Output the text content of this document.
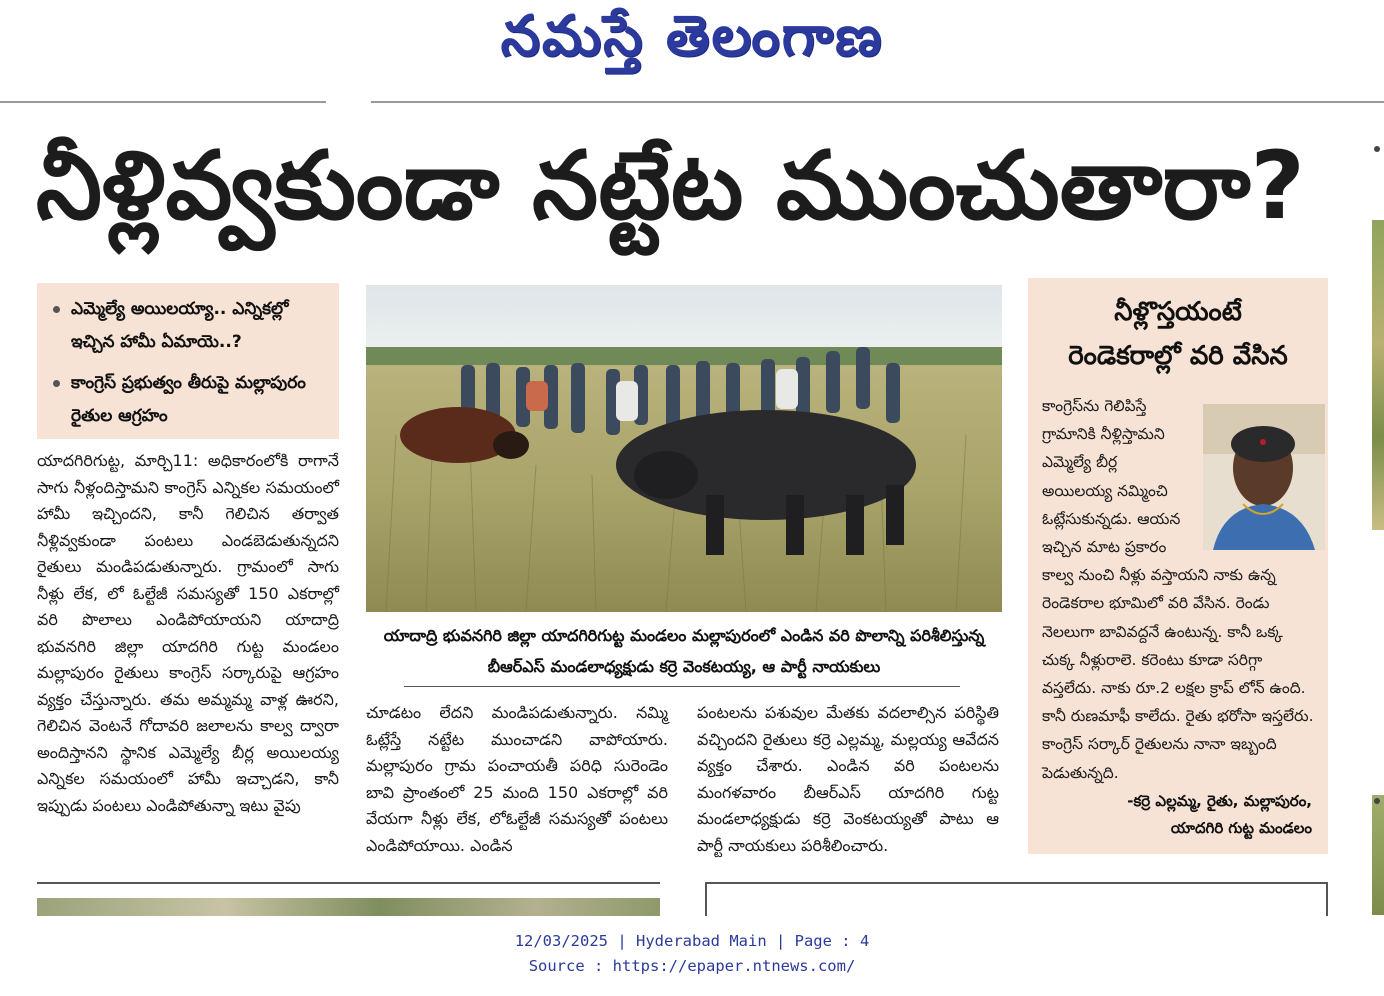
నమస్తే తెలంగాణ
నీళ్లివ్వకుండా నట్టేట ముంచుతారా?
ఎమ్మెల్యే అయిలయ్యా.. ఎన్నికల్లో ఇచ్చిన హామీ ఏమాయె..?
కాంగ్రెస్‌ ప్రభుత్వం తీరుపై మల్లాపురం రైతుల ఆగ్రహం
యాదాద్రి భువనగిరి జిల్లా యాదగిరిగుట్ట మండలం మల్లాపురంలో ఎండిన వరి పొలాన్ని పరిశీలిస్తున్న బీఆర్‌ఎస్‌ మండలాధ్యక్షుడు కర్రె వెంకటయ్య, ఆ పార్టీ నాయకులు

యాదగిరిగుట్ట, మార్చి11: అధికారంలోకి రాగానే సాగు నీళ్లందిస్తామని కాంగ్రెస్‌ ఎన్నికల సమయంలో హామీ ఇచ్చిందని, కానీ గెలిచిన తర్వాత నీళ్లివ్వకుండా పంటలు ఎండబెడుతున్నదని రైతులు మండిపడుతున్నారు. గ్రామంలో సాగు నీళ్లు లేక, లో ఓల్టేజీ సమస్యతో 150 ఎకరాల్లో వరి పొలాలు ఎండిపోయాయని యాదాద్రి భువనగిరి జిల్లా యాదగిరి గుట్ట మండలం మల్లాపురం రైతులు కాంగ్రెస్‌ సర్కారుపై ఆగ్రహం వ్యక్తం చేస్తున్నారు. తమ అమ్మమ్మ వాళ్ల ఊరని, గెలిచిన వెంటనే గోదావరి జలాలను కాల్వ ద్వారా అందిస్తానని స్థానిక ఎమ్మెల్యే బీర్ల అయిలయ్య ఎన్నికల సమయంలో హామీ ఇచ్చాడని, కానీ ఇప్పుడు పంటలు ఎండిపోతున్నా ఇటు వైపు

చూడటం లేదని మండిపడుతున్నారు. నమ్మి ఓట్లేస్తే నట్టేట ముంచాడని వాపోయారు. మల్లాపురం గ్రామ పంచాయతీ పరిధి సురెండెం బావి ప్రాంతంలో 25 మంది 150 ఎకరాల్లో వరి వేయగా నీళ్లు లేక, లోఓల్టేజీ సమస్యతో పంటలు ఎండిపోయాయి. ఎండిన

పంటలను పశువుల మేతకు వదలాల్సిన పరిస్థితి వచ్చిందని రైతులు కర్రె ఎల్లమ్మ, మల్లయ్య ఆవేదన వ్యక్తం చేశారు. ఎండిన వరి పంటలను మంగళవారం బీఆర్‌ఎస్‌ యాదగిరి గుట్ట మండలాధ్యక్షుడు కర్రె వెంకటయ్యతో పాటు ఆ పార్టీ నాయకులు పరిశీలించారు.

నీళ్లొస్తయంటే
రెండెకరాల్లో వరి వేసిన
కాంగ్రెస్‌ను గెలిపిస్తే గ్రామానికి నీళ్లిస్తామని ఎమ్మెల్యే బీర్ల అయిలయ్య నమ్మించి ఓట్లేసుకున్నడు. ఆయన ఇచ్చిన మాట ప్రకారం
కాల్వ నుంచి నీళ్లు వస్తాయని నాకు ఉన్న రెండెకరాల భూమిలో వరి వేసిన. రెండు నెలలుగా బావివద్దనే ఉంటున్న. కానీ ఒక్క చుక్క నీళ్లురాలె. కరెంటు కూడా సరిగ్గా వస్తలేదు. నాకు రూ.2 లక్షల క్రాప్‌ లోన్‌ ఉంది. కానీ రుణమాఫీ కాలేదు. రైతు భరోసా ఇస్తలేరు. కాంగ్రెస్‌ సర్కార్‌ రైతులను నానా ఇబ్బంది పెడుతున్నది.
-కర్రె ఎల్లమ్మ, రైతు, మల్లాపురం,
యాదగిరి గుట్ట మండలం
12/03/2025 | Hyderabad Main | Page : 4
Source : https://epaper.ntnews.com/
